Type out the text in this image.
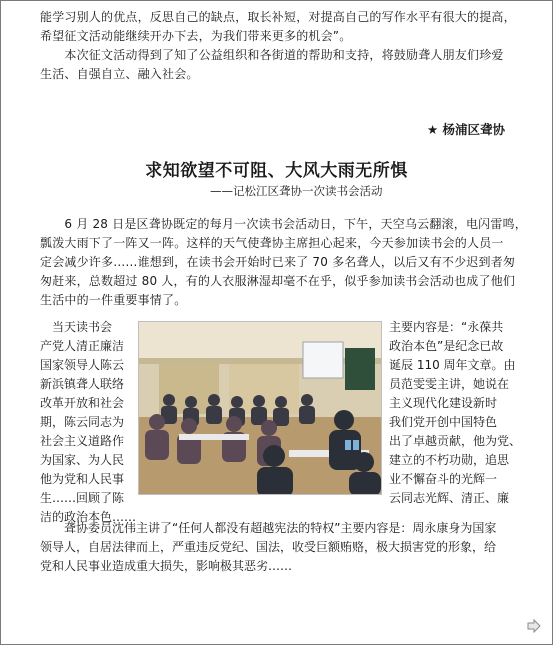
能学习别人的优点，反思自己的缺点，取长补短，对提高自己的写作水平有很大的提高，
希望征文活动能继续开办下去，为我们带来更多的机会”。
　　本次征文活动得到了知了公益组织和各街道的帮助和支持，将鼓励聋人朋友们珍爱
生活、自强自立、融入社会。
★ 杨浦区聋协
求知欲望不可阻、大风大雨无所惧
——记松江区聋协一次读书会活动
　　6 月 28 日是区聋协既定的每月一次读书会活动日，下午，天空乌云翻滚，电闪雷鸣，
瓢泼大雨下了一阵又一阵。这样的天气使聋协主席担心起来，今天参加读书会的人员一
定会减少许多……谁想到，在读书会开始时已来了 70 多名聋人，以后又有不少迟到者匆
匆赶来，总数超过 80 人，有的人衣服淋湿却毫不在乎，似乎参加读书会活动也成了他们
生活中的一件重要事情了。
　当天读书会
产党人清正廉洁
国家领导人陈云
新浜镇聋人联络
改革开放和社会
期，陈云同志为
社会主义道路作
为国家、为人民
他为党和人民事
生……回顾了陈
洁的政治本色……
主要内容是：“永葆共
政治本色”是纪念已故
诞辰 110 周年文章。由
员范雯雯主讲，她说在
主义现代化建设新时
我们党开创中国特色
出了卓越贡献，他为党、
建立的不朽功勋，追思
业不懈奋斗的光辉一
云同志光辉、清正、廉
　　聋协委员沈伟主讲了“任何人都没有超越宪法的特权”主要内容是：周永康身为国家
领导人，自居法律而上，严重违反党纪、国法，收受巨额贿赂，极大损害党的形象，给
党和人民事业造成重大损失，影响极其恶劣……
